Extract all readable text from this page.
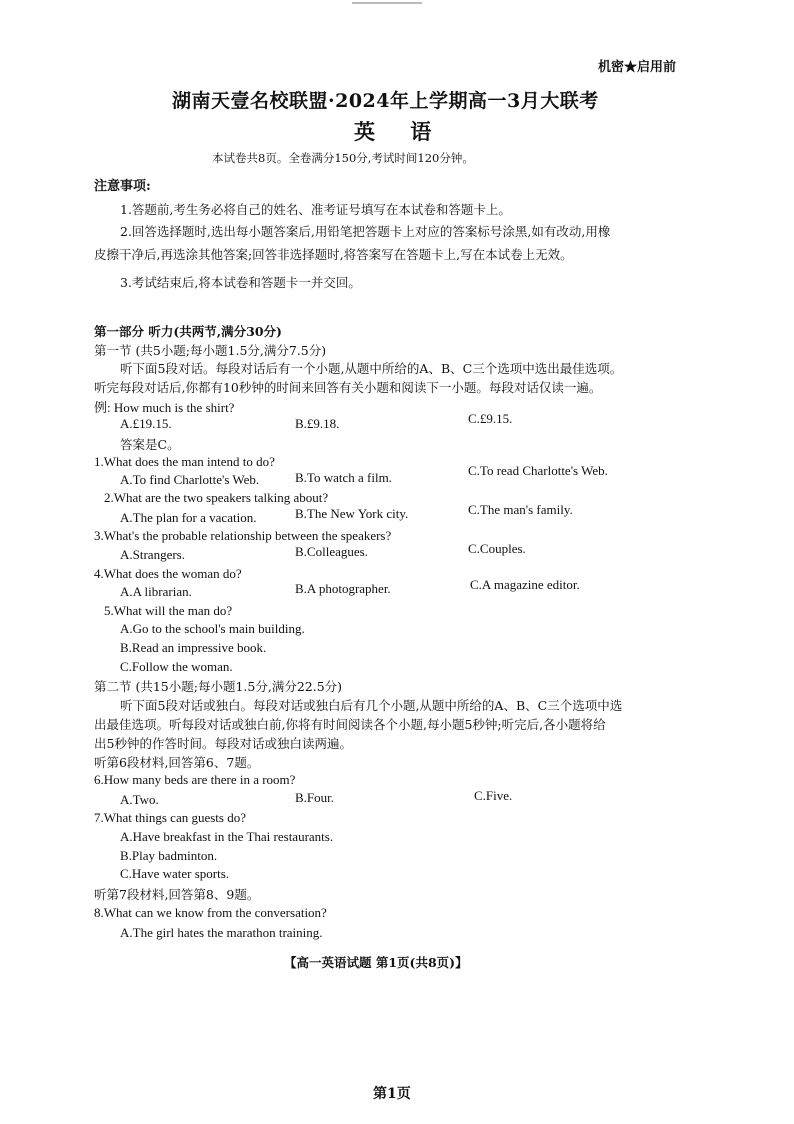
机密★启用前
湖南天壹名校联盟·2024年上学期高一3月大联考
英 语
本试卷共8页。全卷满分150分,考试时间120分钟。
注意事项:
1.答题前,考生务必将自己的姓名、准考证号填写在本试卷和答题卡上。
2.回答选择题时,选出每小题答案后,用铅笔把答题卡上对应的答案标号涂黑,如有改动,用橡
皮擦干净后,再选涂其他答案;回答非选择题时,将答案写在答题卡上,写在本试卷上无效。
3.考试结束后,将本试卷和答题卡一并交回。
第一部分 听力(共两节,满分30分)
第一节 (共5小题;每小题1.5分,满分7.5分)
听下面5段对话。每段对话后有一个小题,从题中所给的A、B、C三个选项中选出最佳选项。
听完每段对话后,你都有10秒钟的时间来回答有关小题和阅读下一小题。每段对话仅读一遍。
例: How much is the shirt?
A.£19.15.	B.£9.18.	C.£9.15.
答案是C。
1.What does the man intend to do?
A.To find Charlotte's Web.	B.To watch a film.	C.To read Charlotte's Web.
2.What are the two speakers talking about?
A.The plan for a vacation.	B.The New York city.	C.The man's family.
3.What's the probable relationship between the speakers?
A.Strangers.	B.Colleagues.	C.Couples.
4.What does the woman do?
A.A librarian.	B.A photographer.	C.A magazine editor.
5.What will the man do?
A.Go to the school's main building.
B.Read an impressive book.
C.Follow the woman.
第二节 (共15小题;每小题1.5分,满分22.5分)
听下面5段对话或独白。每段对话或独白后有几个小题,从题中所给的A、B、C三个选项中选
出最佳选项。听每段对话或独白前,你将有时间阅读各个小题,每小题5秒钟;听完后,各小题将给
出5秒钟的作答时间。每段对话或独白读两遍。
听第6段材料,回答第6、7题。
6.How many beds are there in a room?
A.Two.	B.Four.	C.Five.
7.What things can guests do?
A.Have breakfast in the Thai restaurants.
B.Play badminton.
C.Have water sports.
听第7段材料,回答第8、9题。
8.What can we know from the conversation?
A.The girl hates the marathon training.
【高一英语试题 第1页(共8页)】
第1页
